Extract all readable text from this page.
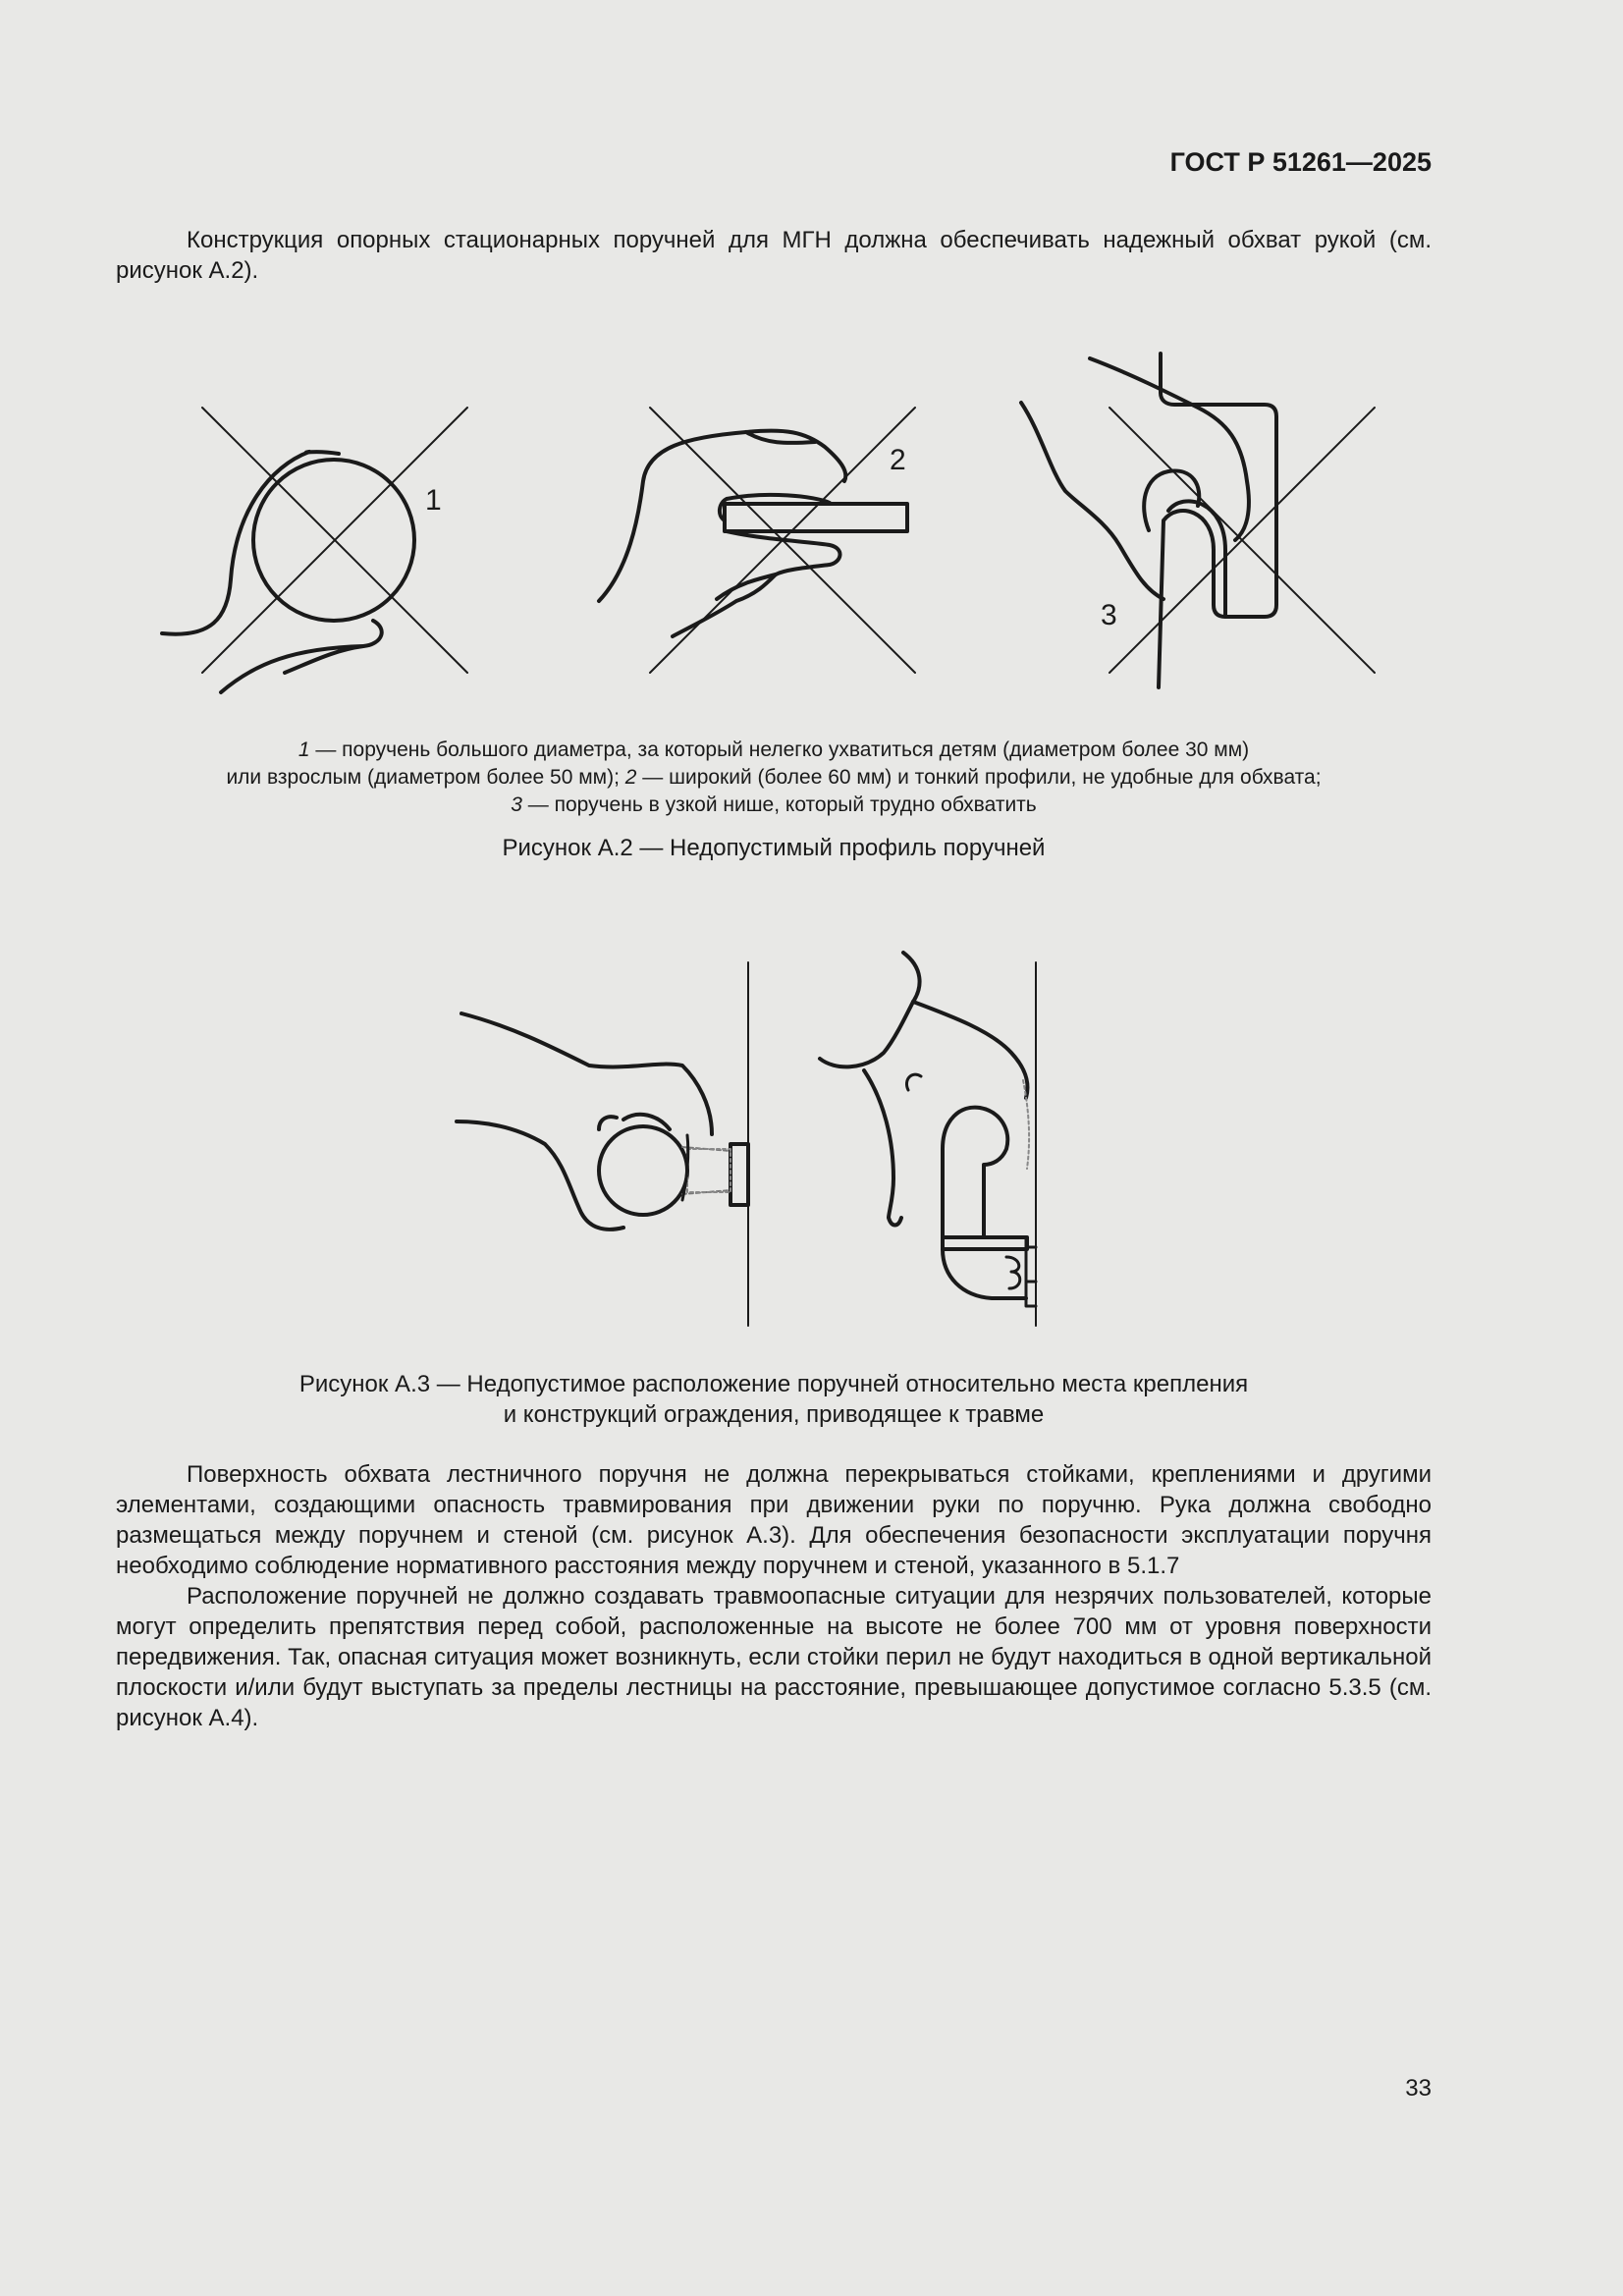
ГОСТ Р 51261—2025

Конструкция опорных стационарных поручней для МГН должна обеспечивать надежный обхват рукой (см. рисунок А.2).

1
2
3
1 — поручень большого диаметра, за который нелегко ухватиться детям (диаметром более 30 мм)
или взрослым (диаметром более 50 мм); 2 — широкий (более 60 мм) и тонкий профили, не удобные для обхвата;
3 — поручень в узкой нише, который трудно обхватить
Рисунок А.2 — Недопустимый профиль поручней
Рисунок А.3 — Недопустимое расположение поручней относительно места крепления
и конструкций ограждения, приводящее к травме

Поверхность обхвата лестничного поручня не должна перекрываться стойками, креплениями и другими элементами, создающими опасность травмирования при движении руки по поручню. Рука должна свободно размещаться между поручнем и стеной (см. рисунок А.3). Для обеспечения безопасности эксплуатации поручня необходимо соблюдение нормативного расстояния между поручнем и стеной, указанного в 5.1.7

Расположение поручней не должно создавать травмоопасные ситуации для незрячих пользователей, которые могут определить препятствия перед собой, расположенные на высоте не более 700 мм от уровня поверхности передвижения. Так, опасная ситуация может возникнуть, если стойки перил не будут находиться в одной вертикальной плоскости и/или будут выступать за пределы лестницы на расстояние, превышающее допустимое согласно 5.3.5 (см. рисунок А.4).

33
